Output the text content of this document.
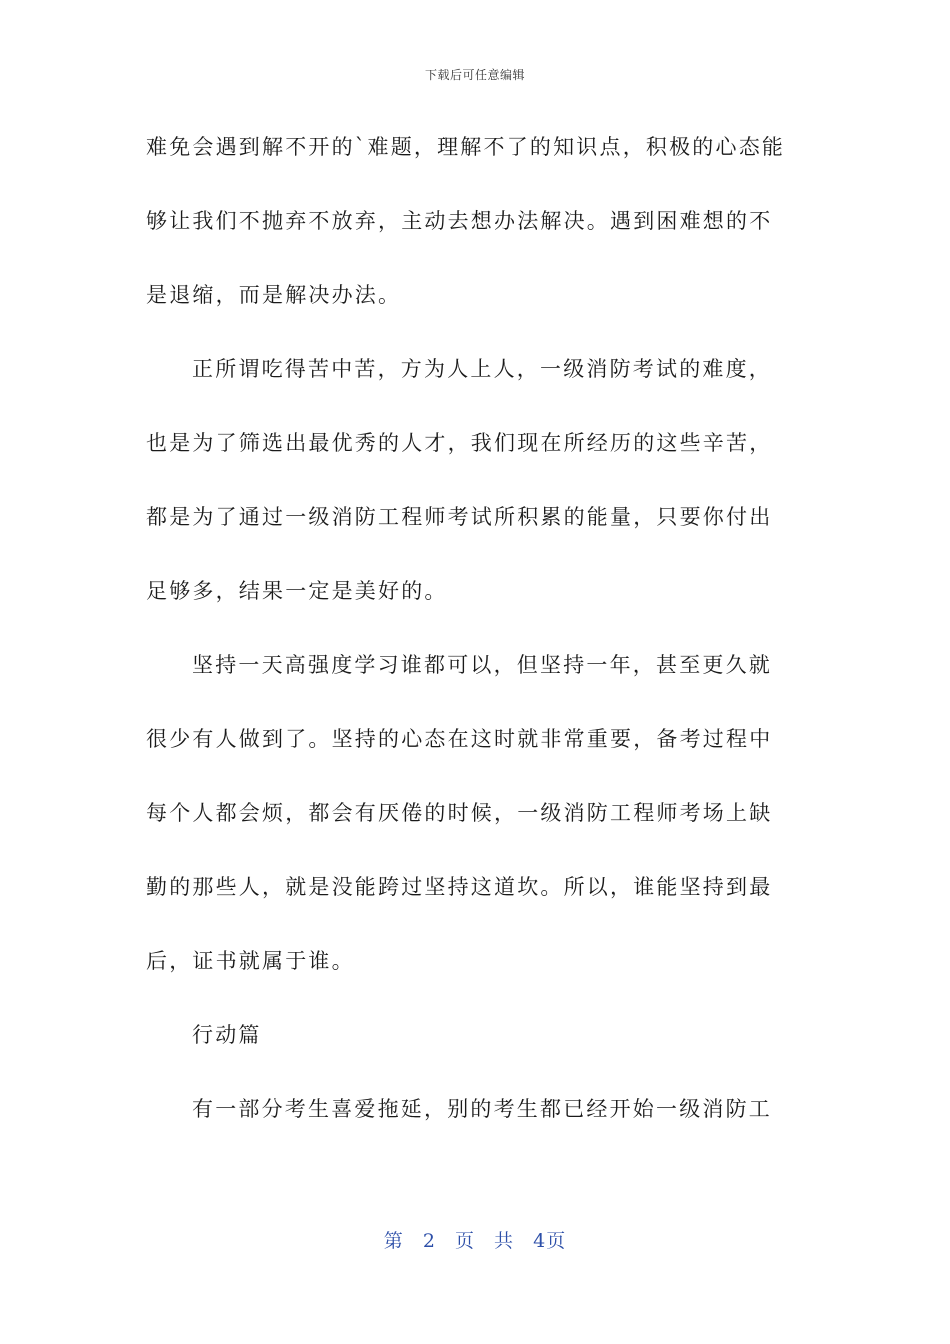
下载后可任意编辑
难免会遇到解不开的`难题，理解不了的知识点，积极的心态能
够让我们不抛弃不放弃，主动去想办法解决。遇到困难想的不
是退缩，而是解决办法。
正所谓吃得苦中苦，方为人上人，一级消防考试的难度，
也是为了筛选出最优秀的人才，我们现在所经历的这些辛苦，
都是为了通过一级消防工程师考试所积累的能量，只要你付出
足够多，结果一定是美好的。
坚持一天高强度学习谁都可以，但坚持一年，甚至更久就
很少有人做到了。坚持的心态在这时就非常重要，备考过程中
每个人都会烦，都会有厌倦的时候，一级消防工程师考场上缺
勤的那些人，就是没能跨过坚持这道坎。所以，谁能坚持到最
后，证书就属于谁。
行动篇
有一部分考生喜爱拖延，别的考生都已经开始一级消防工
第 2 页 共 4页
